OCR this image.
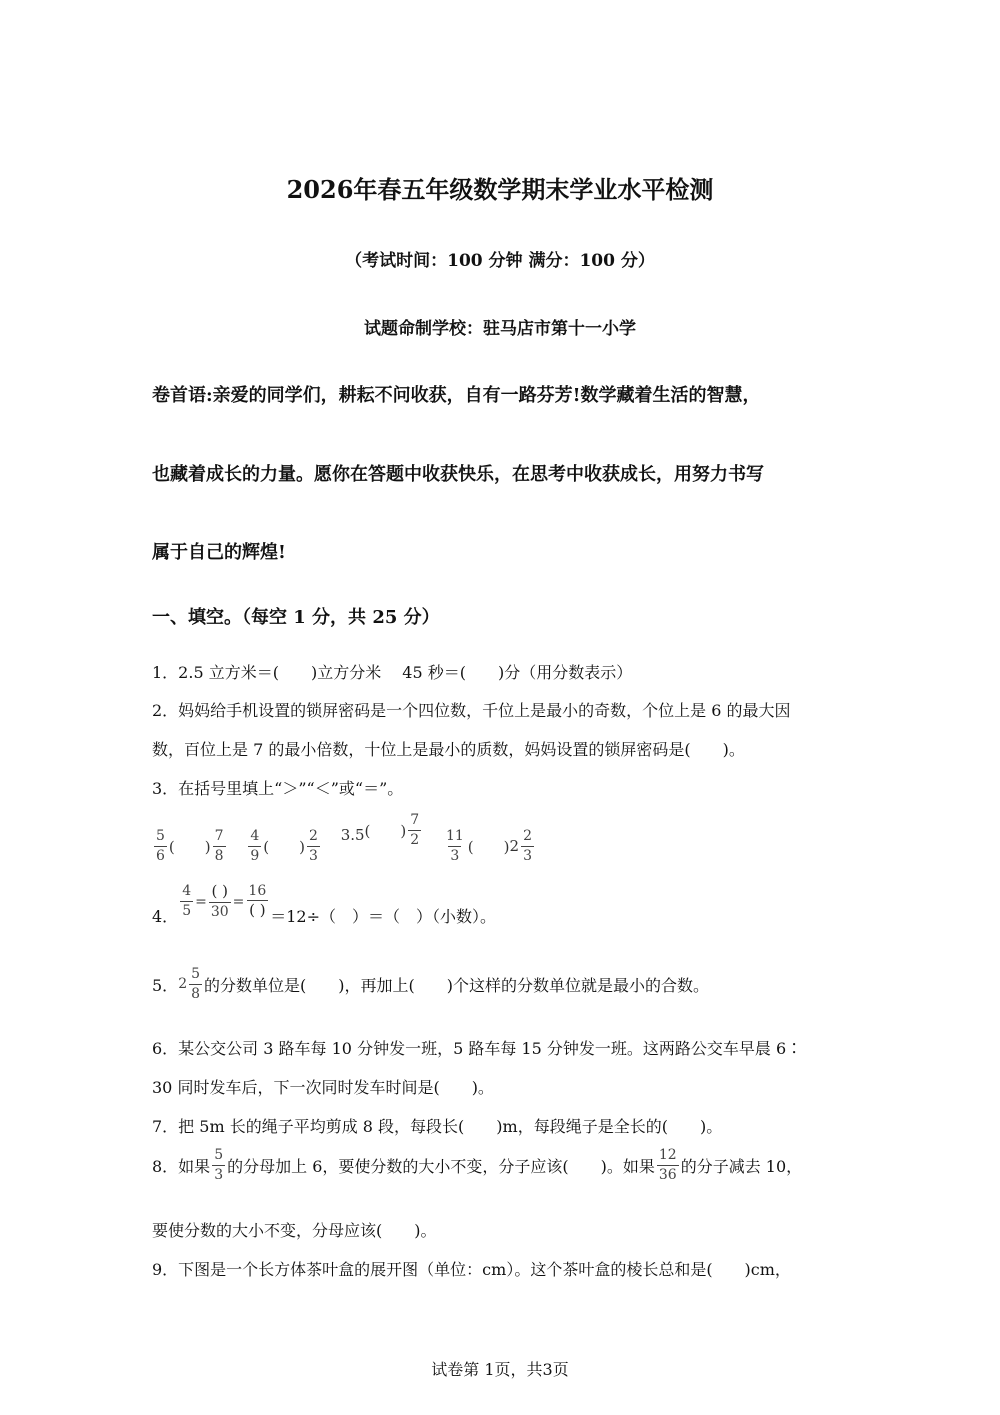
2026年春五年级数学期末学业水平检测
（考试时间：100 分钟 满分：100 分）
试题命制学校：驻马店市第十一小学
卷首语:亲爱的同学们，耕耘不问收获，自有一路芬芳!数学藏着生活的智慧，
也藏着成长的力量。愿你在答题中收获快乐，在思考中收获成长，用努力书写
属于自己的辉煌!
一、填空。（每空 1 分，共 25 分）
1．2.5 立方米＝(　　)立方分米　 45 秒＝(　　)分（用分数表示）
2．妈妈给手机设置的锁屏密码是一个四位数，千位上是最小的奇数，个位上是 6 的最大因
数，百位上是 7 的最小倍数，十位上是最小的质数，妈妈设置的锁屏密码是(　　)。
3．在括号里填上“＞”“＜”或“＝”。
$\frac{5}{6}$ (　　) $\frac{7}{8}$
$\frac{4}{9}$ (　　) $\frac{2}{3}$
3.5 (　　) $\frac{7}{2}$
$\frac{11}{3}$ (　　) $2 \frac{2}{3}$
4． $\frac{4}{5} = \frac{( )}{30} = \frac{16}{( )} =12\div$（　）＝（　）（小数）。
5． $2 \frac{5}{8}$ 的分数单位是(　　)，再加上(　　)个这样的分数单位就是最小的合数。
6．某公交公司 3 路车每 10 分钟发一班，5 路车每 15 分钟发一班。这两路公交车早晨 6∶
30 同时发车后，下一次同时发车时间是(　　)。
7．把 5m 长的绳子平均剪成 8 段，每段长(　　)m，每段绳子是全长的(　　)。
8．如果 $\frac{5}{3}$ 的分母加上 6，要使分数的大小不变，分子应该(　　)。如果 $\frac{12}{36}$ 的分子减去 10，
要使分数的大小不变，分母应该(　　)。
9．下图是一个长方体茶叶盒的展开图（单位：cm）。这个茶叶盒的棱长总和是(　　)cm，
试卷第 1页，共3页
